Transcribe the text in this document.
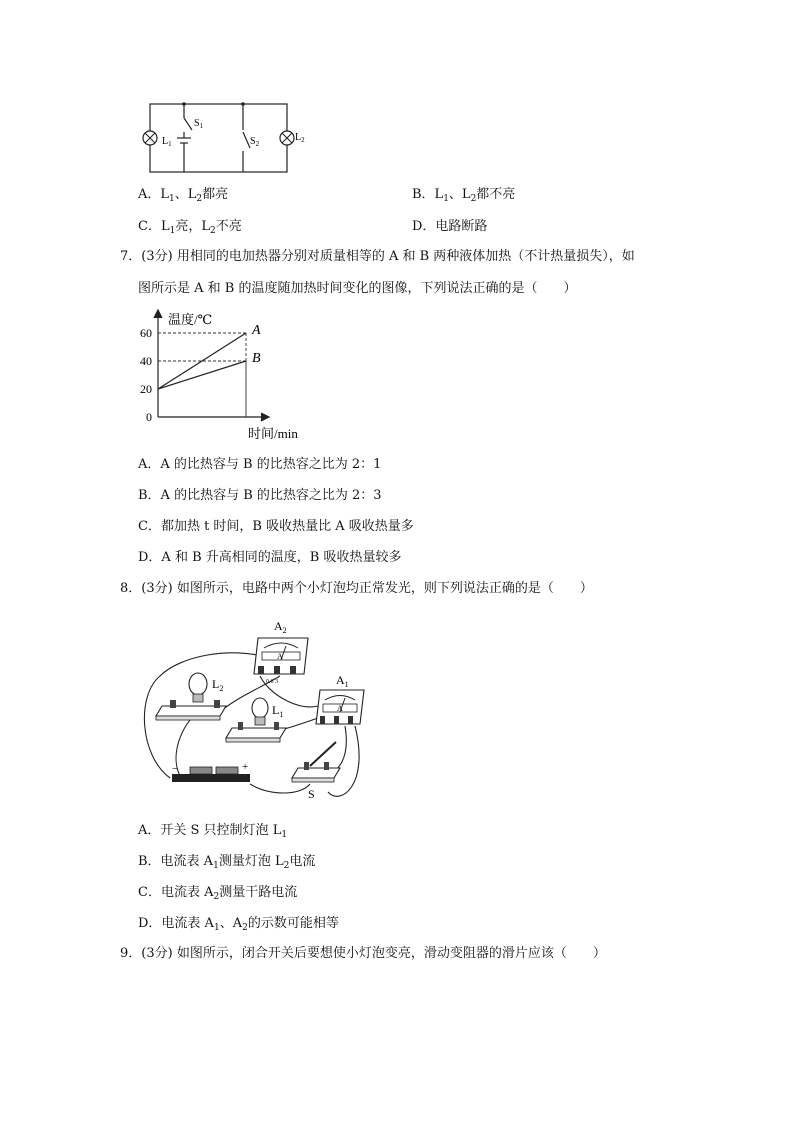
$S_1$
$L_1$	$S_2$
$L_2$
A．$L_1$、$L_2$都亮	B．$L_1$、$L_2$都不亮
C．$L_1$亮，$L_2$不亮	D．电路断路
7．(3分) 用相同的电加热器分别对质量相等的 A 和 B 两种液体加热（不计热量损失），如
图所示是 A 和 B 的温度随加热时间变化的图像，下列说法正确的是（　　）
60
40
20
0
温度/℃
时间/min
A
B
A．A 的比热容与 B 的比热容之比为 2：1
B．A 的比热容与 B 的比热容之比为 2：3
C．都加热 t 时间，B 吸收热量比 A 吸收热量多
D．A 和 B 升高相同的温度，B 吸收热量较多
8．(3分) 如图所示，电路中两个小灯泡均正常发光，则下列说法正确的是（　　）
$A_2$
A
0.6 3	$A_1$
A
$L_2$
$L_1$
−	+
S
A．开关 S 只控制灯泡 $L_1$
B．电流表 $A_1$测量灯泡 $L_2$电流
C．电流表 $A_2$测量干路电流
D．电流表 $A_1$、$A_2$的示数可能相等
9．(3分) 如图所示，闭合开关后要想使小灯泡变亮，滑动变阻器的滑片应该（　　）
